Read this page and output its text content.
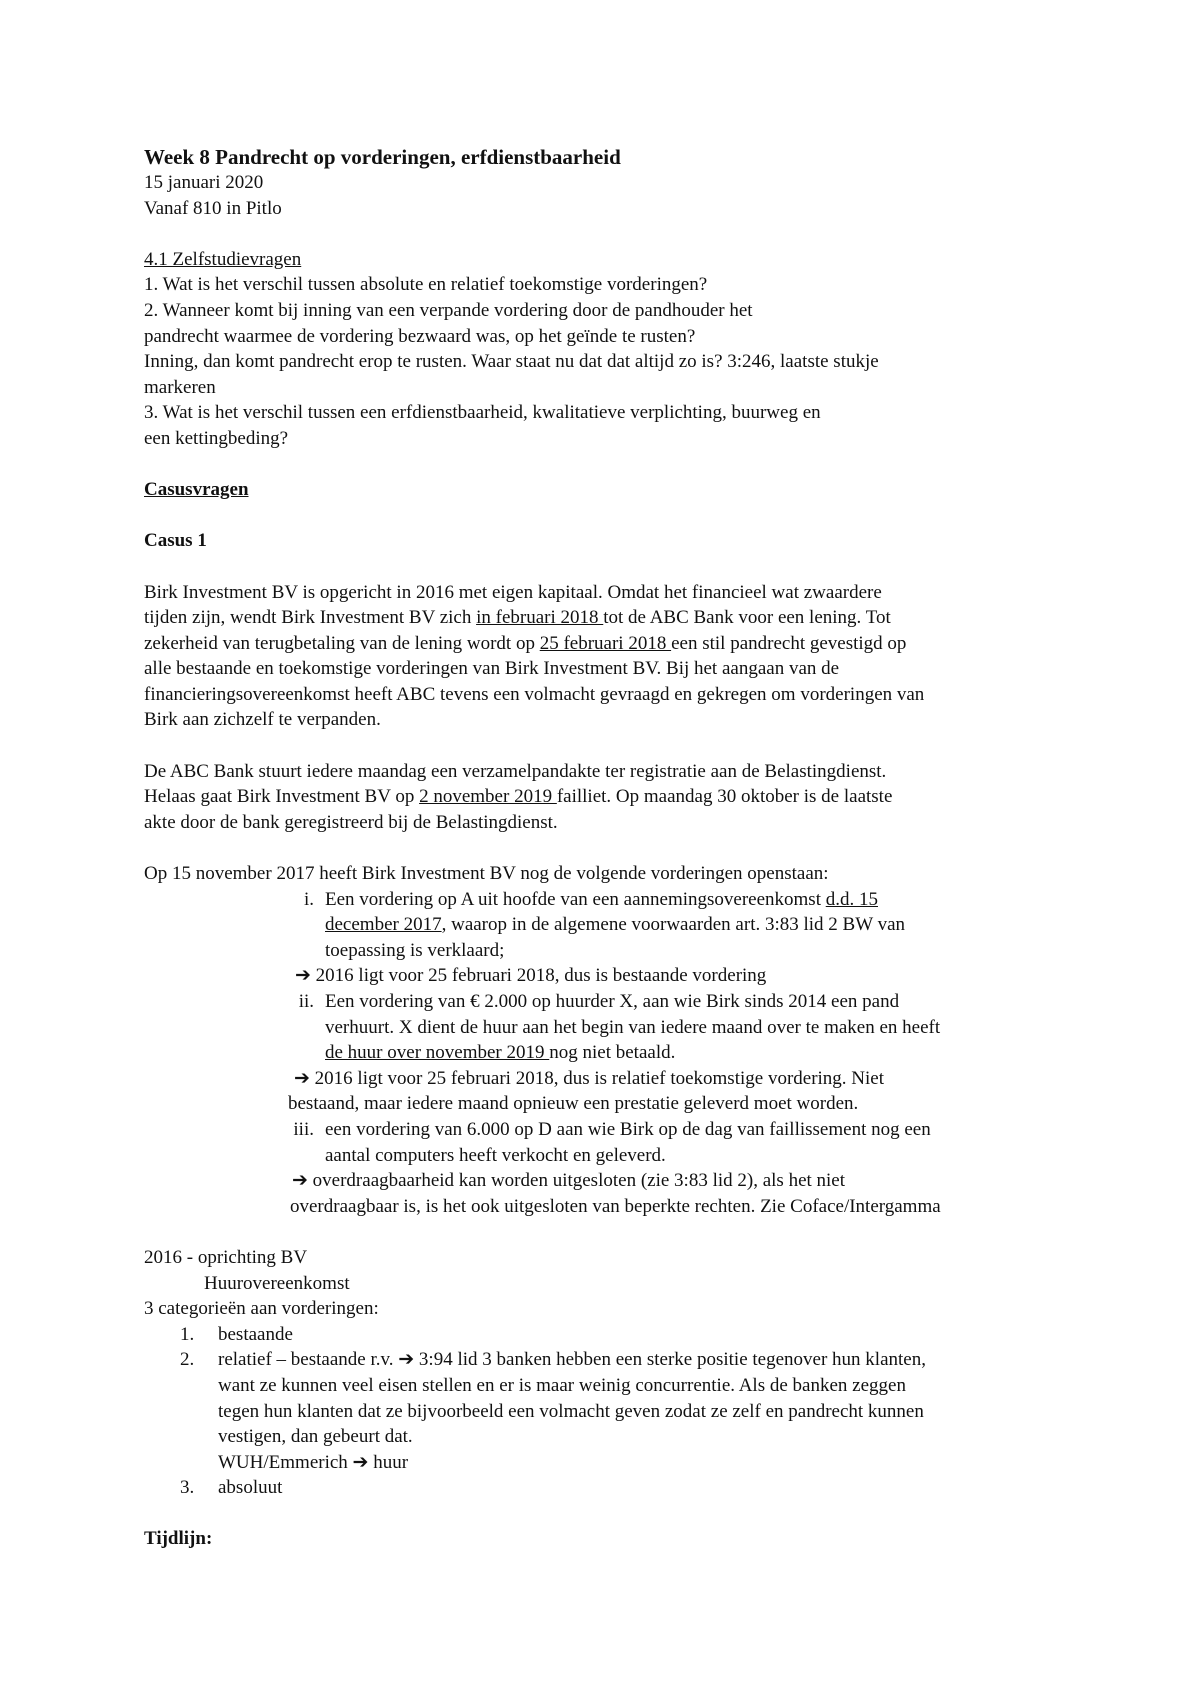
Week 8 Pandrecht op vorderingen, erfdienstbaarheid
15 januari 2020
Vanaf 810 in Pitlo
4.1 Zelfstudievragen
1. Wat is het verschil tussen absolute en relatief toekomstige vorderingen?
2. Wanneer komt bij inning van een verpande vordering door de pandhouder het
pandrecht waarmee de vordering bezwaard was, op het geïnde te rusten?
Inning, dan komt pandrecht erop te rusten. Waar staat nu dat dat altijd zo is? 3:246, laatste stukje
markeren
3. Wat is het verschil tussen een erfdienstbaarheid, kwalitatieve verplichting, buurweg en
een kettingbeding?
Casusvragen
Casus 1
Birk Investment BV is opgericht in 2016 met eigen kapitaal. Omdat het financieel wat zwaardere
tijden zijn, wendt Birk Investment BV zich in februari 2018 tot de ABC Bank voor een lening. Tot
zekerheid van terugbetaling van de lening wordt op 25 februari 2018 een stil pandrecht gevestigd op
alle bestaande en toekomstige vorderingen van Birk Investment BV. Bij het aangaan van de
financieringsovereenkomst heeft ABC tevens een volmacht gevraagd en gekregen om vorderingen van
Birk aan zichzelf te verpanden.
De ABC Bank stuurt iedere maandag een verzamelpandakte ter registratie aan de Belastingdienst.
Helaas gaat Birk Investment BV op 2 november 2019 failliet. Op maandag 30 oktober is de laatste
akte door de bank geregistreerd bij de Belastingdienst.
Op 15 november 2017 heeft Birk Investment BV nog de volgende vorderingen openstaan:
i. Een vordering op A uit hoofde van een aannemingsovereenkomst d.d. 15
december 2017, waarop in de algemene voorwaarden art. 3:83 lid 2 BW van
toepassing is verklaard;
➔ 2016 ligt voor 25 februari 2018, dus is bestaande vordering
ii. Een vordering van € 2.000 op huurder X, aan wie Birk sinds 2014 een pand
verhuurt. X dient de huur aan het begin van iedere maand over te maken en heeft
de huur over november 2019 nog niet betaald.
➔ 2016 ligt voor 25 februari 2018, dus is relatief toekomstige vordering. Niet
bestaand, maar iedere maand opnieuw een prestatie geleverd moet worden.
iii. een vordering van 6.000 op D aan wie Birk op de dag van faillissement nog een
aantal computers heeft verkocht en geleverd.
➔ overdraagbaarheid kan worden uitgesloten (zie 3:83 lid 2), als het niet
overdraagbaar is, is het ook uitgesloten van beperkte rechten. Zie Coface/Intergamma
2016 - oprichting BV
Huurovereenkomst
3 categorieën aan vorderingen:
1. bestaande
2. relatief – bestaande r.v. ➔ 3:94 lid 3 banken hebben een sterke positie tegenover hun klanten,
want ze kunnen veel eisen stellen en er is maar weinig concurrentie. Als de banken zeggen
tegen hun klanten dat ze bijvoorbeeld een volmacht geven zodat ze zelf en pandrecht kunnen
vestigen, dan gebeurt dat.
WUH/Emmerich ➔ huur
3. absoluut
Tijdlijn:
